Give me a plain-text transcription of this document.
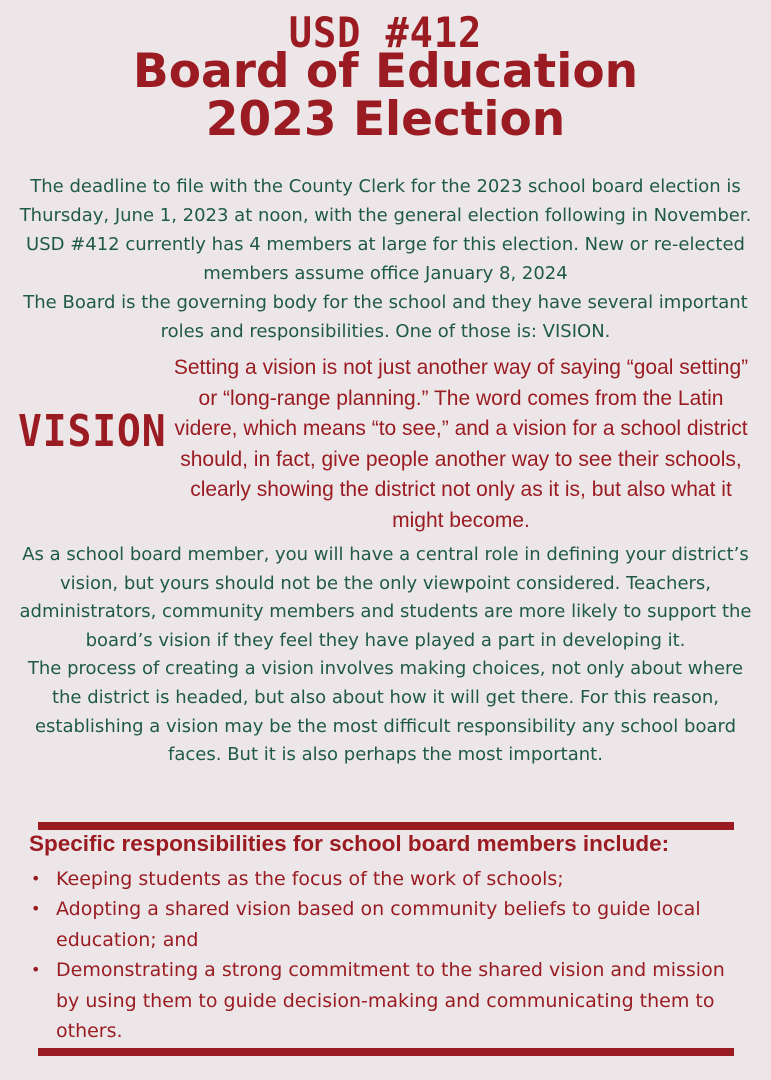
USD #412
Board of Education
2023 Election

The deadline to file with the County Clerk for the 2023 school board election is Thursday, June 1, 2023 at noon, with the general election following in November. USD #412 currently has 4 members at large for this election. New or re-elected members assume office January 8, 2024

The Board is the governing body for the school and they have several important roles and responsibilities. One of those is: VISION.

VISION
Setting a vision is not just another way of saying “goal setting” or “long-range planning.” The word comes from the Latin videre, which means “to see,” and a vision for a school district should, in fact, give people another way to see their schools, clearly showing the district not only as it is, but also what it might become.

As a school board member, you will have a central role in defining your district’s vision, but yours should not be the only viewpoint considered. Teachers, administrators, community members and students are more likely to support the board’s vision if they feel they have played a part in developing it.

The process of creating a vision involves making choices, not only about where the district is headed, but also about how it will get there. For this reason, establishing a vision may be the most difficult responsibility any school board faces. But it is also perhaps the most important.

Specific responsibilities for school board members include:
• Keeping students as the focus of the work of schools;
• Adopting a shared vision based on community beliefs to guide local education; and
• Demonstrating a strong commitment to the shared vision and mission by using them to guide decision-making and communicating them to others.
